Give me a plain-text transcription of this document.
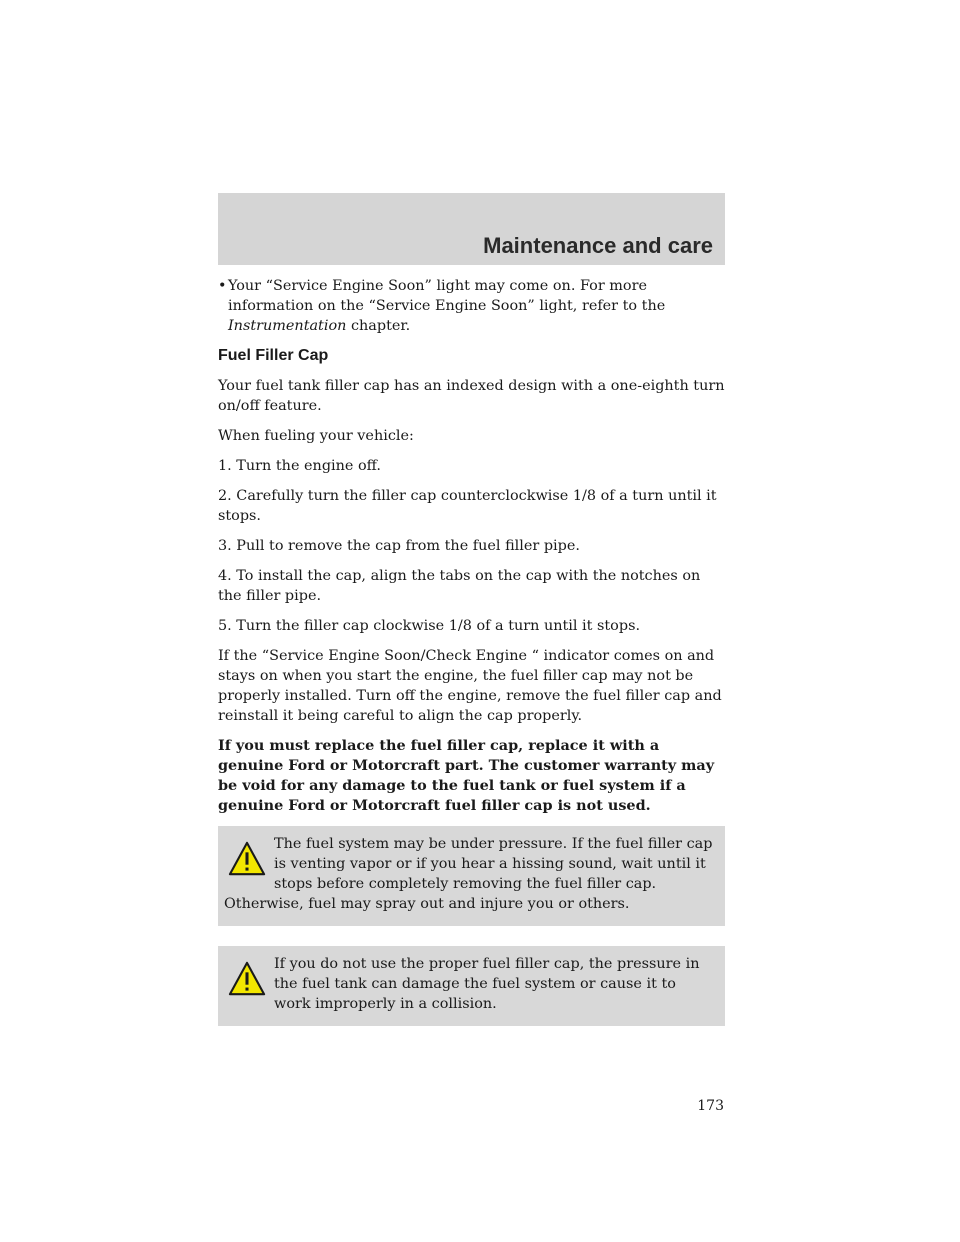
Maintenance and care
• Your “Service Engine Soon” light may come on. For more information on the “Service Engine Soon” light, refer to the Instrumentation chapter.
Fuel Filler Cap

Your fuel tank filler cap has an indexed design with a one-eighth turn on/off feature.

When fueling your vehicle:

1. Turn the engine off.

2. Carefully turn the filler cap counterclockwise 1/8 of a turn until it stops.

3. Pull to remove the cap from the fuel filler pipe.

4. To install the cap, align the tabs on the cap with the notches on the filler pipe.

5. Turn the filler cap clockwise 1/8 of a turn until it stops.

If the “Service Engine Soon/Check Engine “ indicator comes on and stays on when you start the engine, the fuel filler cap may not be properly installed. Turn off the engine, remove the fuel filler cap and reinstall it being careful to align the cap properly.

If you must replace the fuel filler cap, replace it with a genuine Ford or Motorcraft part. The customer warranty may be void for any damage to the fuel tank or fuel system if a genuine Ford or Motorcraft fuel filler cap is not used.

The fuel system may be under pressure. If the fuel filler cap is venting vapor or if you hear a hissing sound, wait until it stops before completely removing the fuel filler cap. Otherwise, fuel may spray out and injure you or others.
If you do not use the proper fuel filler cap, the pressure in the fuel tank can damage the fuel system or cause it to work improperly in a collision.
173
